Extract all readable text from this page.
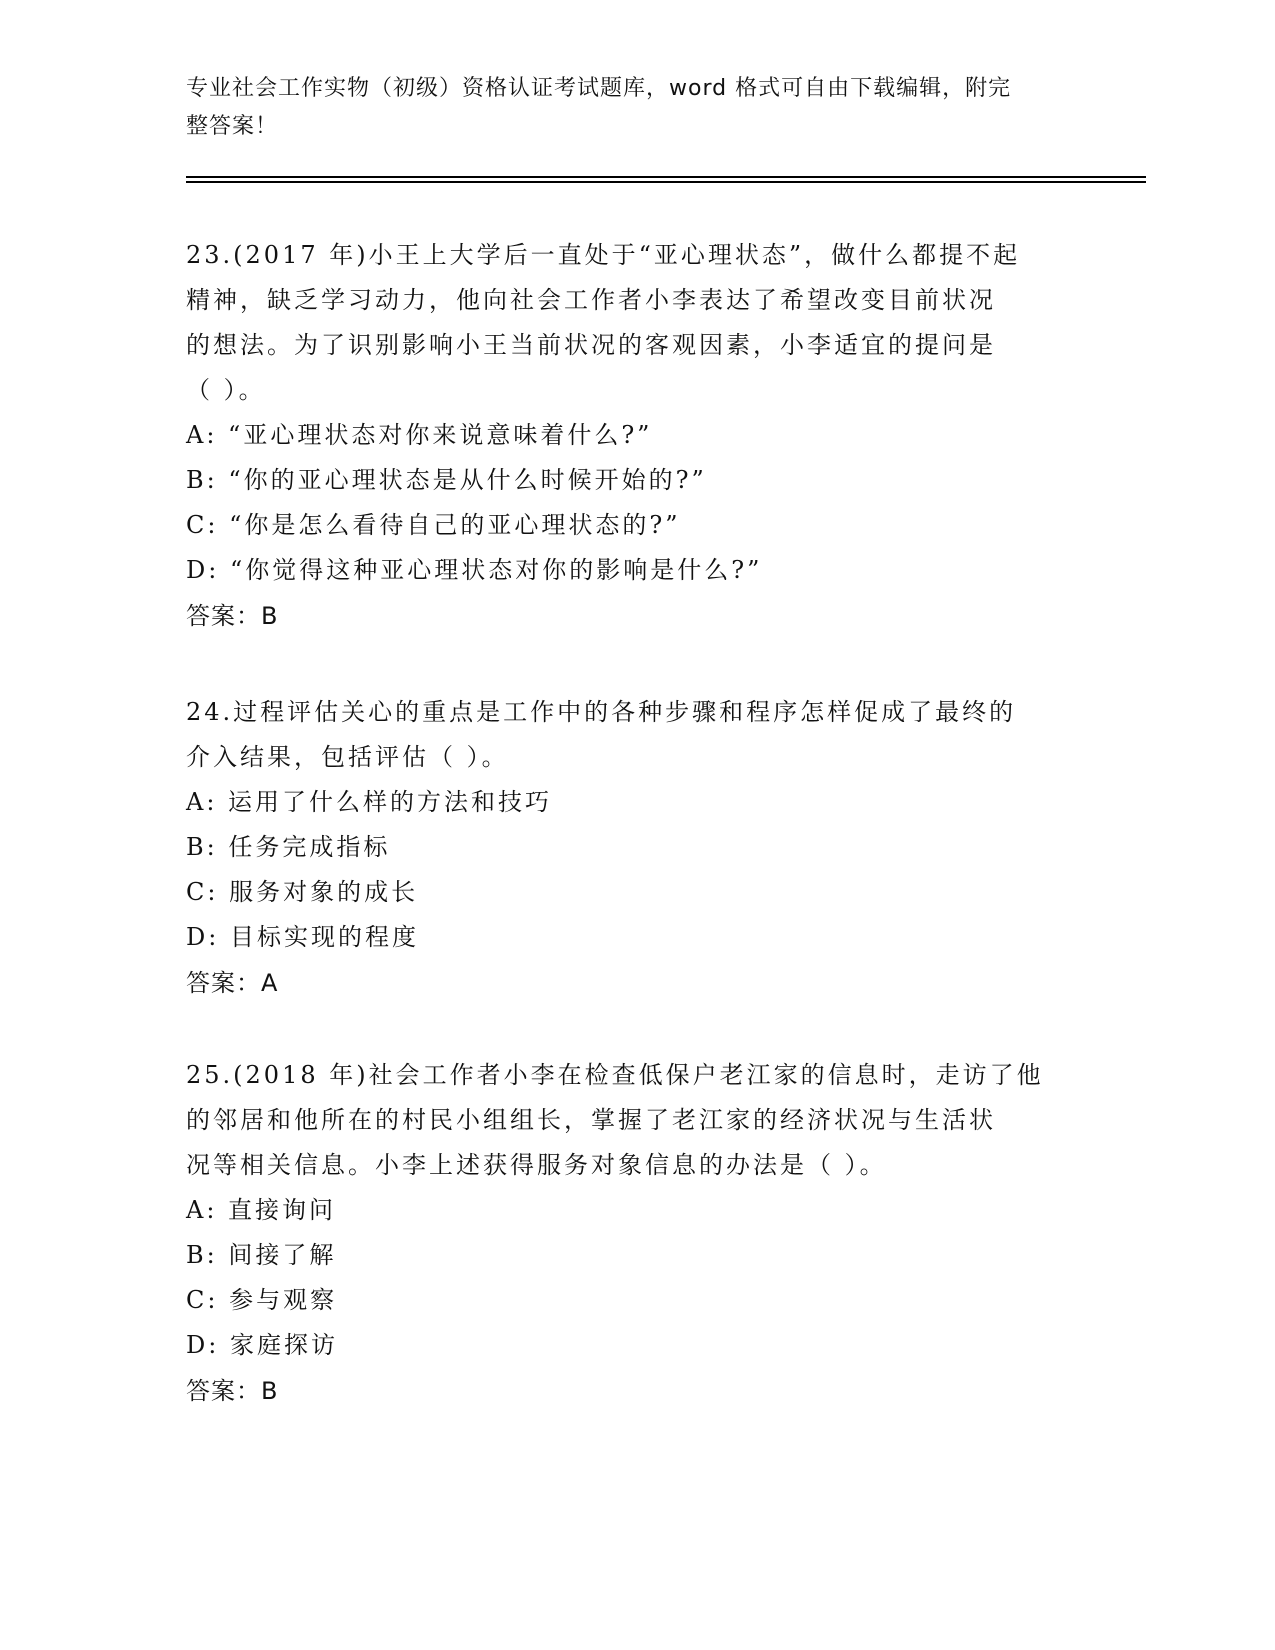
专业社会工作实物（初级）资格认证考试题库，word 格式可自由下载编辑，附完
整答案！
23.(2017 年)小王上大学后一直处于“亚心理状态”，做什么都提不起
精神，缺乏学习动力，他向社会工作者小李表达了希望改变目前状况
的想法。为了识别影响小王当前状况的客观因素，小李适宜的提问是
（ ）。
A: “亚心理状态对你来说意味着什么?”
B: “你的亚心理状态是从什么时候开始的?”
C: “你是怎么看待自己的亚心理状态的?”
D: “你觉得这种亚心理状态对你的影响是什么?”
答案：B
24.过程评估关心的重点是工作中的各种步骤和程序怎样促成了最终的
介入结果，包括评估（ ）。
A: 运用了什么样的方法和技巧
B: 任务完成指标
C: 服务对象的成长
D: 目标实现的程度
答案：A
25.(2018 年)社会工作者小李在检查低保户老江家的信息时，走访了他
的邻居和他所在的村民小组组长，掌握了老江家的经济状况与生活状
况等相关信息。小李上述获得服务对象信息的办法是（ ）。
A: 直接询问
B: 间接了解
C: 参与观察
D: 家庭探访
答案：B
